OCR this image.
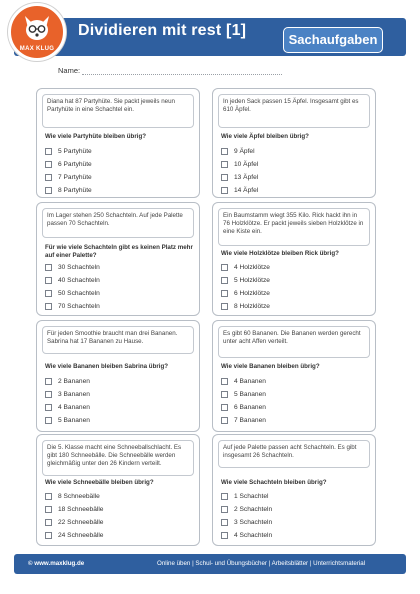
MAX KLUG
Dividieren mit rest [1]
Sachaufgaben
Name:
Diana hat 87 Partyhüte. Sie packt jeweils neun Partyhüte in eine Schachtel ein.
Wie viele Partyhüte bleiben übrig?
5 Partyhüte
6 Partyhüte
7 Partyhüte
8 Partyhüte
In jeden Sack passen 15 Äpfel. Insgesamt gibt es 610 Äpfel.
Wie viele Äpfel bleiben übrig?
9 Äpfel
10 Äpfel
13 Äpfel
14 Äpfel
Im Lager stehen 250 Schachteln. Auf jede Palette passen 70 Schachteln.
Für wie viele Schachteln gibt es keinen Platz mehr auf einer Palette?
30 Schachteln
40 Schachteln
50 Schachteln
70 Schachteln
Ein Baumstamm wiegt 355 Kilo. Rick hackt ihn in 76 Holzklötze. Er packt jeweils sieben Holzklötze in eine Kiste ein.
Wie viele Holzklötze bleiben Rick übrig?
4 Holzklötze
5 Holzklötze
6 Holzklötze
8 Holzklötze
Für jeden Smoothie braucht man drei Bananen. Sabrina hat 17 Bananen zu Hause.
Wie viele Bananen bleiben Sabrina übrig?
2 Bananen
3 Bananen
4 Bananen
5 Bananen
Es gibt 60 Bananen. Die Bananen werden gerecht unter acht Affen verteilt.
Wie viele Bananen bleiben übrig?
4 Bananen
5 Bananen
6 Bananen
7 Bananen
Die 5. Klasse macht eine Schneeballschlacht. Es gibt 180 Schneebälle. Die Schneebälle werden gleichmäßig unter den 26 Kindern verteilt.
Wie viele Schneebälle bleiben übrig?
8 Schneebälle
18 Schneebälle
22 Schneebälle
24 Schneebälle
Auf jede Palette passen acht Schachteln. Es gibt insgesamt 26 Schachteln.
Wie viele Schachteln bleiben übrig?
1 Schachtel
2 Schachteln
3 Schachteln
4 Schachteln
© www.maxklug.de	Online üben | Schul- und Übungsbücher | Arbeitsblätter | Unterrichtsmaterial
